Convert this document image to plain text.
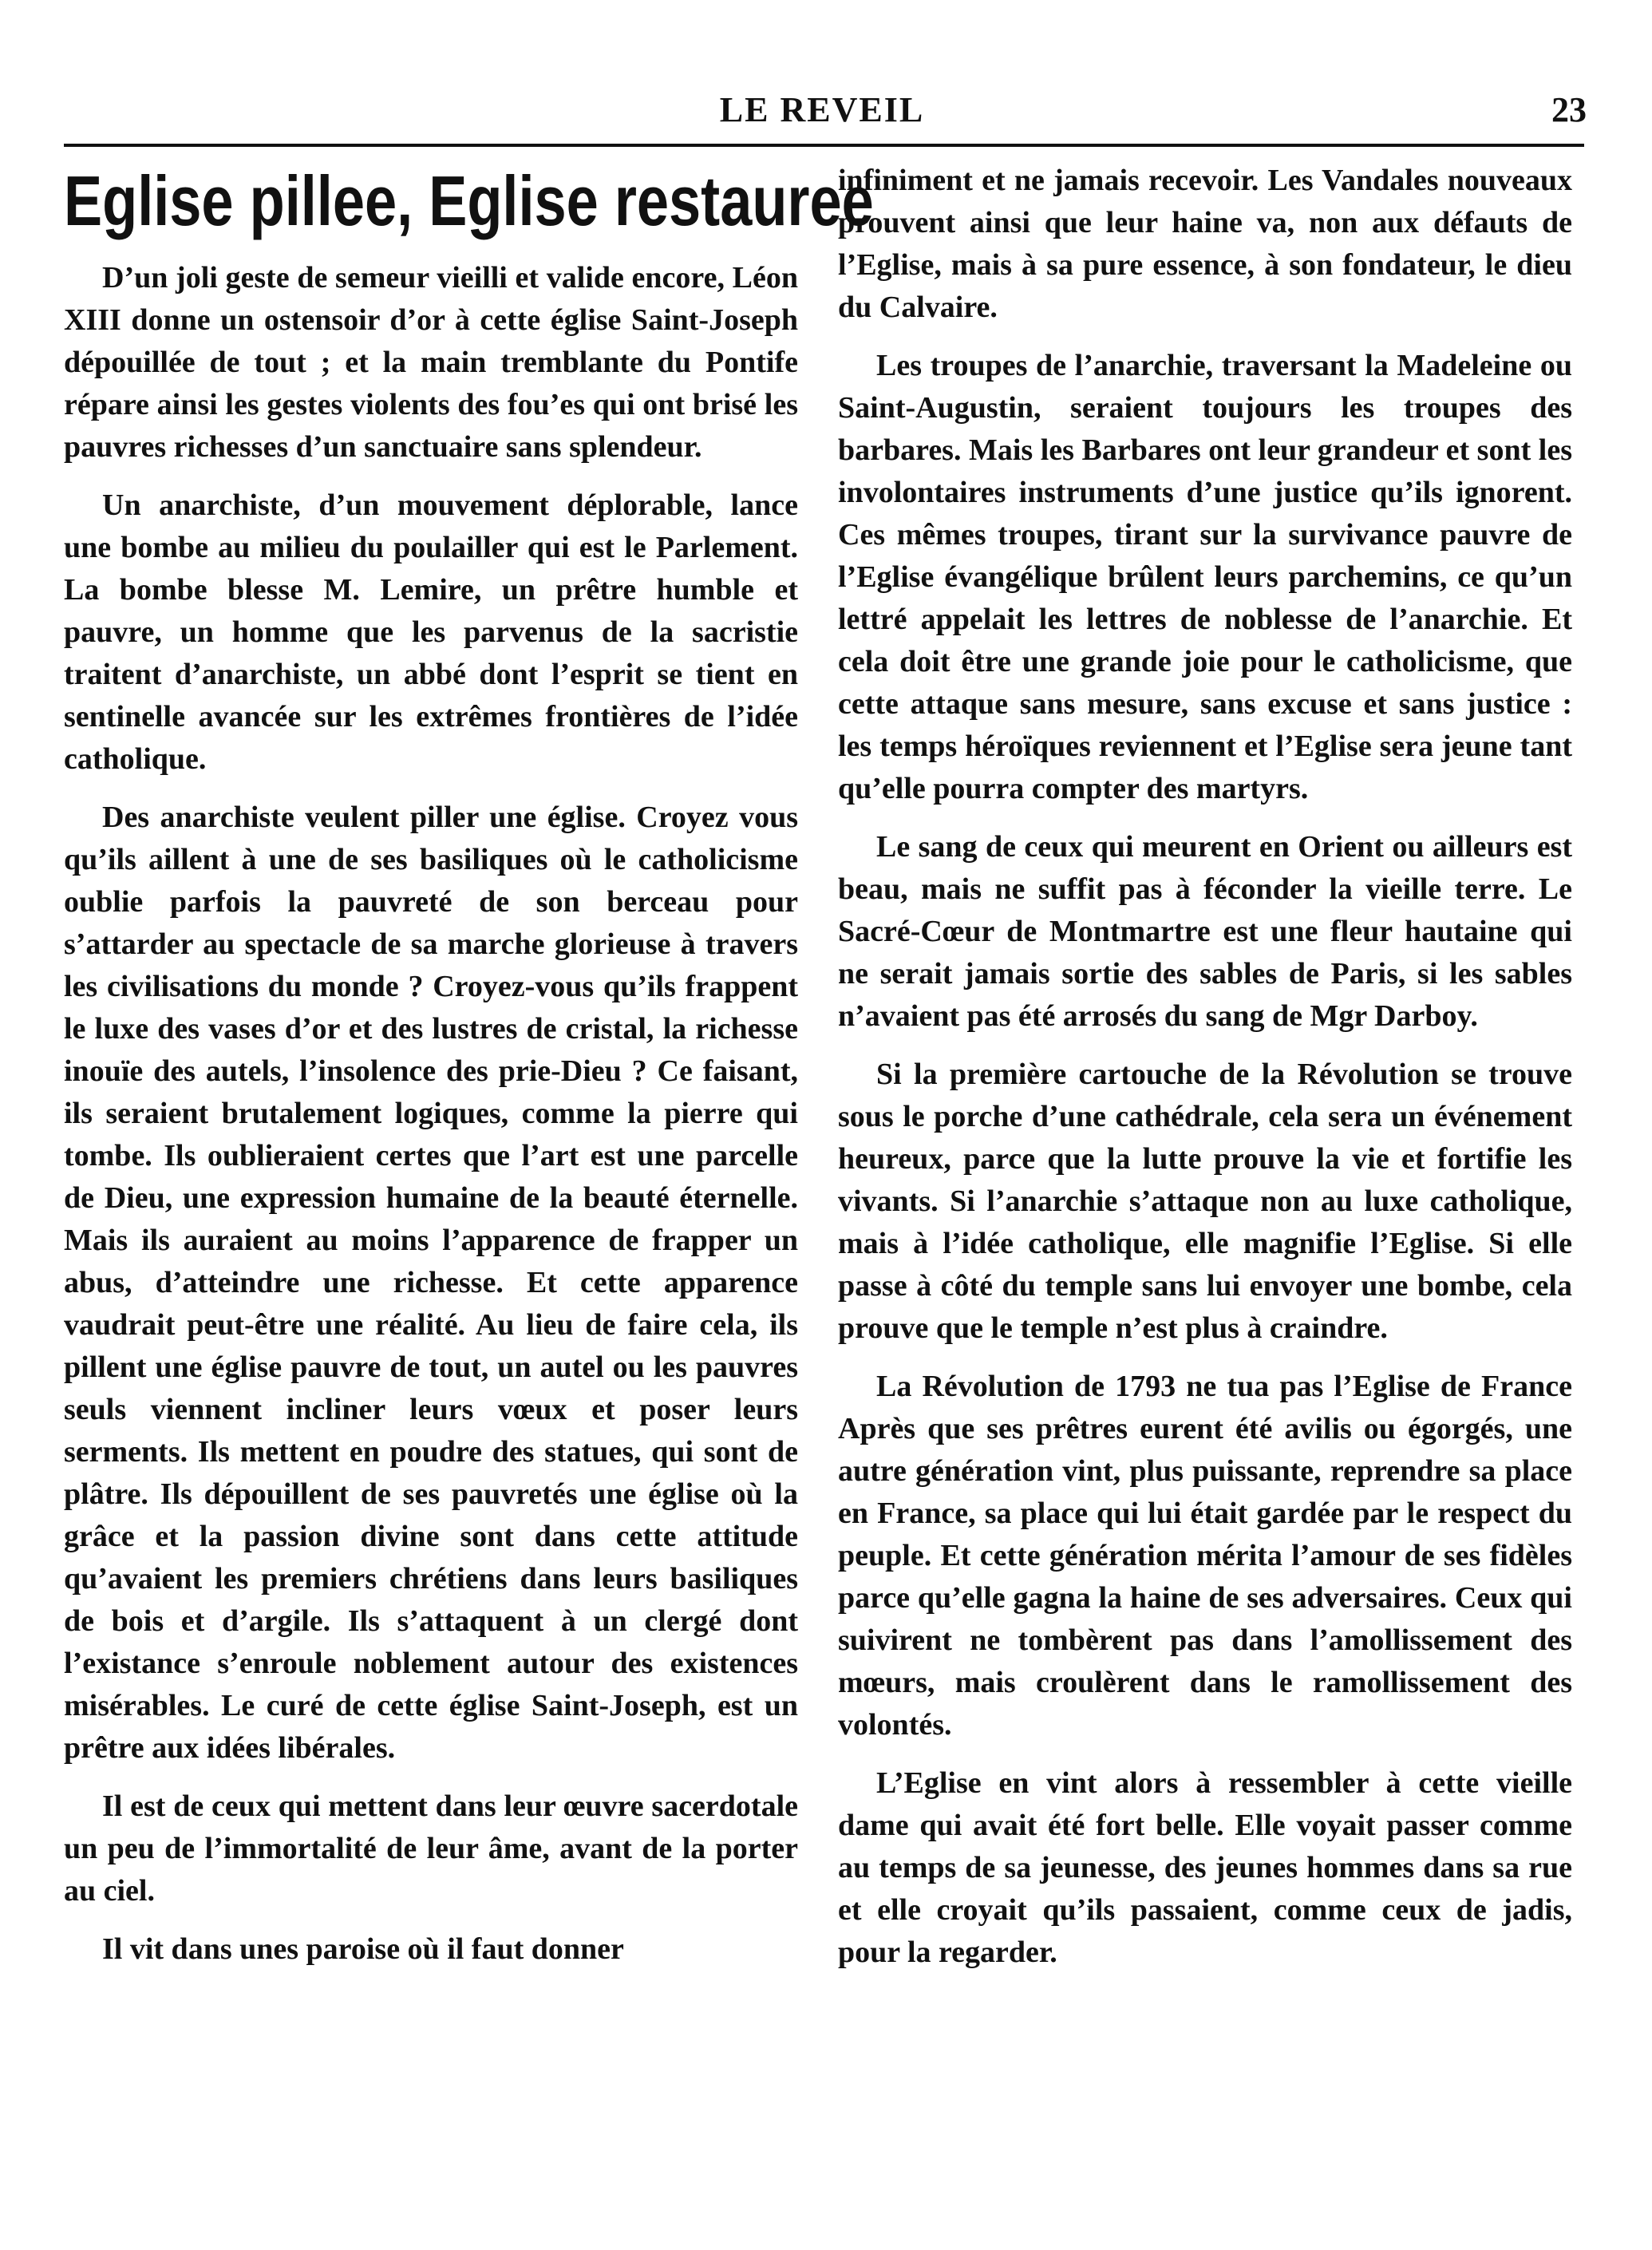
LE REVEIL	23
Eglise pillee, Eglise restauree

D’un joli geste de semeur vieilli et valide encore, Léon XIII donne un ostensoir d’or à cette église Saint-Joseph dépouillée de tout ; et la main tremblante du Pontife répare ainsi les gestes violents des fou’es qui ont brisé les pauvres richesses d’un sanctuaire sans splendeur.

Un anarchiste, d’un mouvement déplorable, lance une bombe au milieu du poulailler qui est le Parlement. La bombe blesse M. Lemire, un prêtre humble et pauvre, un homme que les parvenus de la sacristie traitent d’anarchiste, un abbé dont l’esprit se tient en sentinelle avancée sur les extrêmes frontières de l’idée catholique.

Des anarchiste veulent piller une église. Croyez vous qu’ils aillent à une de ses basiliques où le catholicisme oublie parfois la pauvreté de son berceau pour s’attarder au spectacle de sa marche glorieuse à travers les civilisations du monde ? Croyez-vous qu’ils frappent le luxe des vases d’or et des lustres de cristal, la richesse inouïe des autels, l’insolence des prie-Dieu ? Ce faisant, ils seraient brutalement logiques, comme la pierre qui tombe. Ils oublieraient certes que l’art est une parcelle de Dieu, une expression humaine de la beauté éternelle. Mais ils auraient au moins l’apparence de frapper un abus, d’atteindre une richesse. Et cette apparence vaudrait peut-être une réalité. Au lieu de faire cela, ils pillent une église pauvre de tout, un autel ou les pauvres seuls viennent incliner leurs vœux et poser leurs serments. Ils mettent en poudre des statues, qui sont de plâtre. Ils dépouillent de ses pauvretés une église où la grâce et la passion divine sont dans cette attitude qu’avaient les premiers chrétiens dans leurs basiliques de bois et d’argile. Ils s’attaquent à un clergé dont l’existance s’enroule noblement autour des existences misérables. Le curé de cette église Saint-Joseph, est un prêtre aux idées libérales.

Il est de ceux qui mettent dans leur œuvre sacerdotale un peu de l’immortalité de leur âme, avant de la porter au ciel.

Il vit dans unes paroise où il faut donner

infiniment et ne jamais recevoir. Les Vandales nouveaux prouvent ainsi que leur haine va, non aux défauts de l’Eglise, mais à sa pure essence, à son fondateur, le dieu du Calvaire.

Les troupes de l’anarchie, traversant la Madeleine ou Saint-Augustin, seraient toujours les troupes des barbares. Mais les Barbares ont leur grandeur et sont les involontaires instruments d’une justice qu’ils ignorent. Ces mêmes troupes, tirant sur la survivance pauvre de l’Eglise évangélique brûlent leurs parchemins, ce qu’un lettré appelait les lettres de noblesse de l’anarchie. Et cela doit être une grande joie pour le catholicisme, que cette attaque sans mesure, sans excuse et sans justice : les temps héroïques reviennent et l’Eglise sera jeune tant qu’elle pourra compter des martyrs.

Le sang de ceux qui meurent en Orient ou ailleurs est beau, mais ne suffit pas à féconder la vieille terre. Le Sacré-Cœur de Montmartre est une fleur hautaine qui ne serait jamais sortie des sables de Paris, si les sables n’avaient pas été arrosés du sang de Mgr Darboy.

Si la première cartouche de la Révolution se trouve sous le porche d’une cathédrale, cela sera un événement heureux, parce que la lutte prouve la vie et fortifie les vivants. Si l’anarchie s’attaque non au luxe catholique, mais à l’idée catholique, elle magnifie l’Eglise. Si elle passe à côté du temple sans lui envoyer une bombe, cela prouve que le temple n’est plus à craindre.

La Révolution de 1793 ne tua pas l’Eglise de France Après que ses prêtres eurent été avilis ou égorgés, une autre génération vint, plus puissante, reprendre sa place en France, sa place qui lui était gardée par le respect du peuple. Et cette génération mérita l’amour de ses fidèles parce qu’elle gagna la haine de ses adversaires. Ceux qui suivirent ne tombèrent pas dans l’amollissement des mœurs, mais croulèrent dans le ramollissement des volontés.

L’Eglise en vint alors à ressembler à cette vieille dame qui avait été fort belle. Elle voyait passer comme au temps de sa jeunesse, des jeunes hommes dans sa rue et elle croyait qu’ils passaient, comme ceux de jadis, pour la regarder.
